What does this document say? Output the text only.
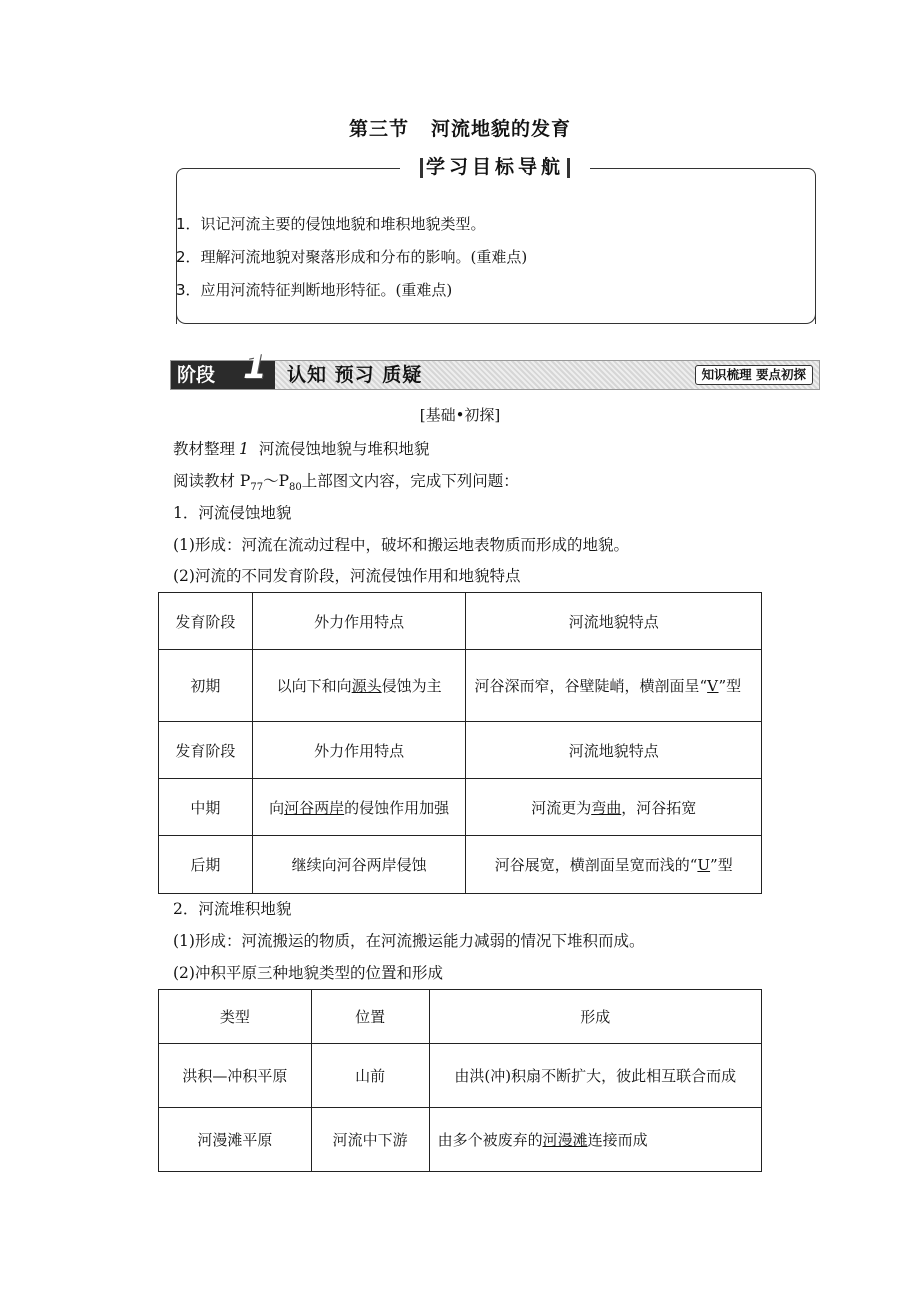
第三节 河流地貌的发育
学习目标导航
1．识记河流主要的侵蚀地貌和堆积地貌类型。
2．理解河流地貌对聚落形成和分布的影响。(重难点)
3．应用河流特征判断地形特征。(重难点)
阶段 1 认知 预习 质疑	知识梳理 要点初探
[基础•初探]
教材整理 1 河流侵蚀地貌与堆积地貌
阅读教材 $P_{77}\sim P_{80}$上部图文内容，完成下列问题：
1．河流侵蚀地貌
(1)形成：河流在流动过程中，破坏和搬运地表物质而形成的地貌。
(2)河流的不同发育阶段，河流侵蚀作用和地貌特点
发育阶段	外力作用特点	河流地貌特点
初期	以向下和向源头侵蚀为主	河谷深而窄，谷壁陡峭，横剖面呈“V”型
发育阶段	外力作用特点	河流地貌特点
中期	向河谷两岸的侵蚀作用加强	河流更为弯曲，河谷拓宽
后期	继续向河谷两岸侵蚀	河谷展宽，横剖面呈宽而浅的“U”型
2．河流堆积地貌
(1)形成：河流搬运的物质，在河流搬运能力减弱的情况下堆积而成。
(2)冲积平原三种地貌类型的位置和形成
类型	位置	形成
洪积—冲积平原	山前	由洪(冲)积扇不断扩大，彼此相互联合而成
河漫滩平原	河流中下游	由多个被废弃的河漫滩连接而成
